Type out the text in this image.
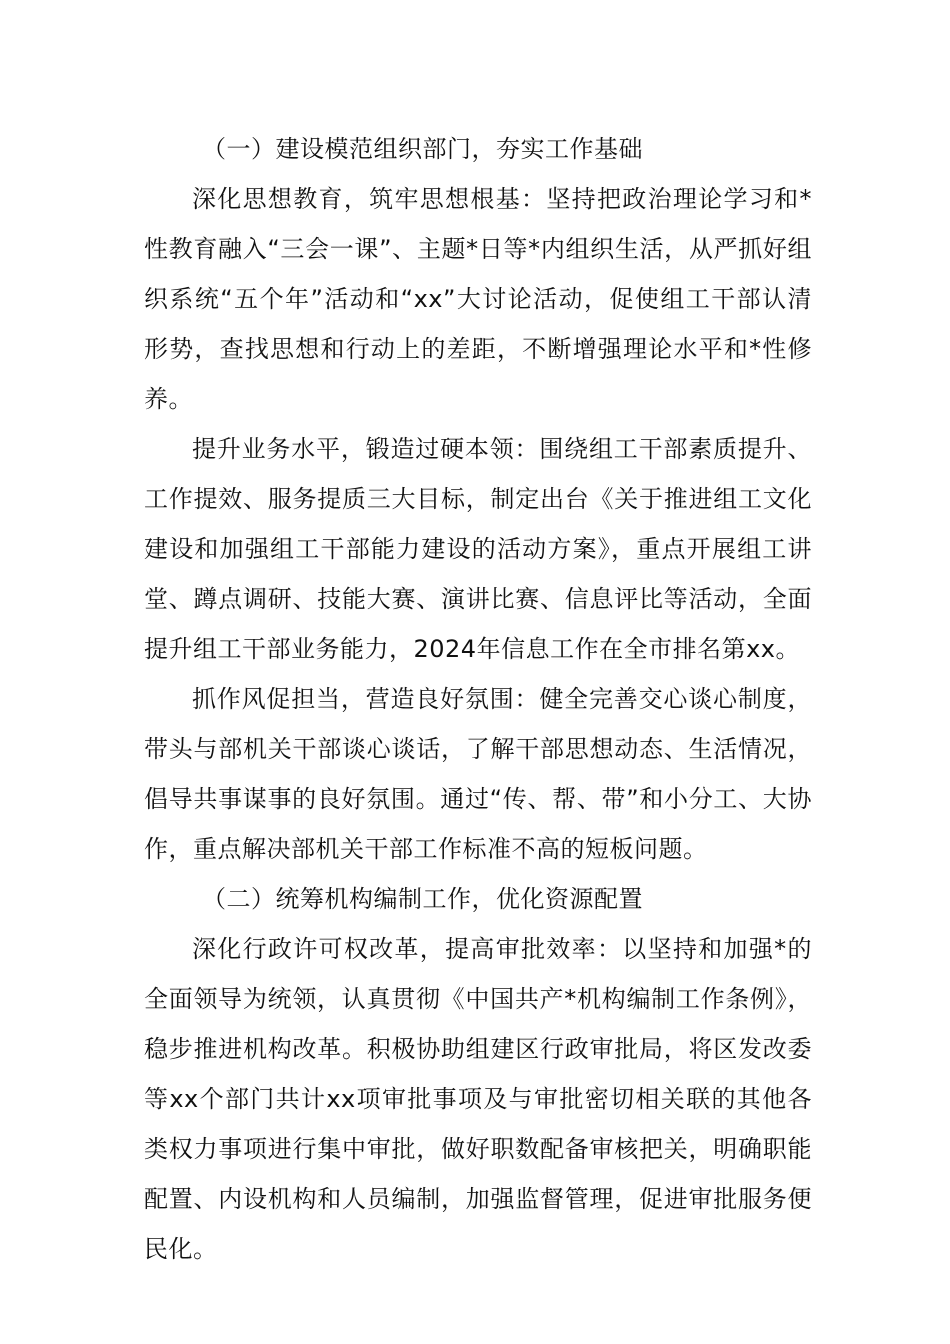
（一）建设模范组织部门，夯实工作基础

深化思想教育，筑牢思想根基：坚持把政治理论学习和*性教育融入“三会一课”、主题*日等*内组织生活，从严抓好组织系统“五个年”活动和“xx”大讨论活动，促使组工干部认清形势，查找思想和行动上的差距，不断增强理论水平和*性修养。

提升业务水平，锻造过硬本领：围绕组工干部素质提升、工作提效、服务提质三大目标，制定出台《关于推进组工文化建设和加强组工干部能力建设的活动方案》，重点开展组工讲堂、蹲点调研、技能大赛、演讲比赛、信息评比等活动，全面提升组工干部业务能力，2024年信息工作在全市排名第xx。

抓作风促担当，营造良好氛围：健全完善交心谈心制度，带头与部机关干部谈心谈话，了解干部思想动态、生活情况，倡导共事谋事的良好氛围。通过“传、帮、带”和小分工、大协作，重点解决部机关干部工作标准不高的短板问题。

（二）统筹机构编制工作，优化资源配置

深化行政许可权改革，提高审批效率：以坚持和加强*的全面领导为统领，认真贯彻《中国共产*机构编制工作条例》，稳步推进机构改革。积极协助组建区行政审批局，将区发改委等xx个部门共计xx项审批事项及与审批密切相关联的其他各类权力事项进行集中审批，做好职数配备审核把关，明确职能配置、内设机构和人员编制，加强监督管理，促进审批服务便民化。
